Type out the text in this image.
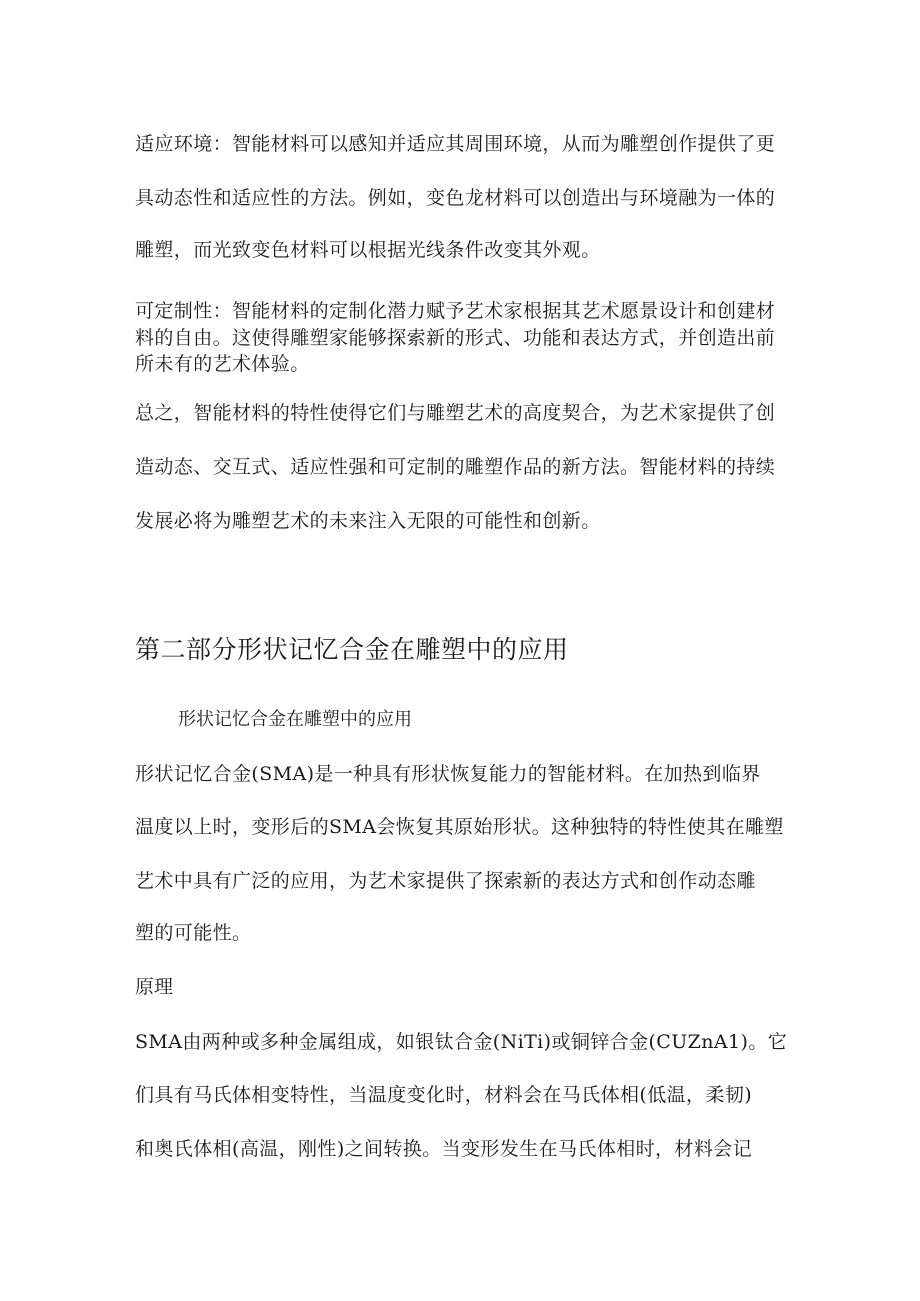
适应环境：智能材料可以感知并适应其周围环境，从而为雕塑创作提供了更
具动态性和适应性的方法。例如，变色龙材料可以创造出与环境融为一体的
雕塑，而光致变色材料可以根据光线条件改变其外观。
可定制性：智能材料的定制化潜力赋予艺术家根据其艺术愿景设计和创建材
料的自由。这使得雕塑家能够探索新的形式、功能和表达方式，并创造出前
所未有的艺术体验。
总之，智能材料的特性使得它们与雕塑艺术的高度契合，为艺术家提供了创
造动态、交互式、适应性强和可定制的雕塑作品的新方法。智能材料的持续
发展必将为雕塑艺术的未来注入无限的可能性和创新。
第二部分形状记忆合金在雕塑中的应用
形状记忆合金在雕塑中的应用
形状记忆合金(SMA)是一种具有形状恢复能力的智能材料。在加热到临界
温度以上时，变形后的SMA会恢复其原始形状。这种独特的特性使其在雕塑
艺术中具有广泛的应用，为艺术家提供了探索新的表达方式和创作动态雕
塑的可能性。
原理
SMA由两种或多种金属组成，如银钛合金(NiTi)或铜锌合金(CUZnA1)。它
们具有马氏体相变特性，当温度变化时，材料会在马氏体相(低温，柔韧)
和奥氏体相(高温，刚性)之间转换。当变形发生在马氏体相时，材料会记
